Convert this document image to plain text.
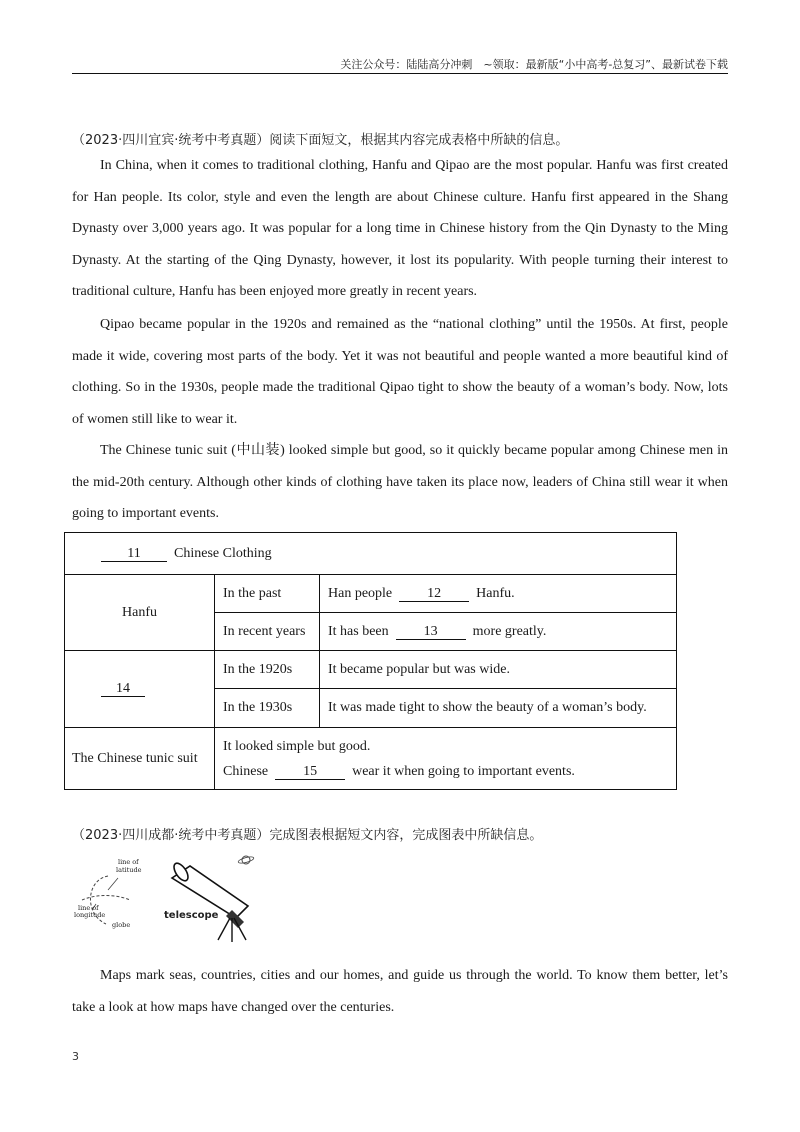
关注公众号：陆陆高分冲刺　~领取：最新版“小中高考-总复习”、最新试卷下载
（2023·四川宜宾·统考中考真题）阅读下面短文，根据其内容完成表格中所缺的信息。

In China, when it comes to traditional clothing, Hanfu and Qipao are the most popular. Hanfu was first created for Han people. Its color, style and even the length are about Chinese culture. Hanfu first appeared in the Shang Dynasty over 3,000 years ago. It was popular for a long time in Chinese history from the Qin Dynasty to the Ming Dynasty. At the starting of the Qing Dynasty, however, it lost its popularity. With people turning their interest to traditional culture, Hanfu has been enjoyed more greatly in recent years.

Qipao became popular in the 1920s and remained as the “national clothing” until the 1950s. At first, people made it wide, covering most parts of the body. Yet it was not beautiful and people wanted a more beautiful kind of clothing. So in the 1930s, people made the traditional Qipao tight to show the beauty of a woman’s body. Now, lots of women still like to wear it.

The Chinese tunic suit (中山装) looked simple but good, so it quickly became popular among Chinese men in the mid-20th century. Although other kinds of clothing have taken its place now, leaders of China still wear it when going to important events.

11 Chinese Clothing		
Hanfu	In the past	Han people 12 Hanfu.
	In recent years	It has been 13 more greatly.
14	In the 1920s	It became popular but was wide.
	In the 1930s	It was made tight to show the beauty of a woman’s body.
The Chinese tunic suit	It looked simple but good.
Chinese 15 wear it when going to important events.	
（2023·四川成都·统考中考真题）完成图表根据短文内容，完成图表中所缺信息。
line of
latitude
line of
longitude
globe
telescope

Maps mark seas, countries, cities and our homes, and guide us through the world. To know them better, let’s take a look at how maps have changed over the centuries.

3
